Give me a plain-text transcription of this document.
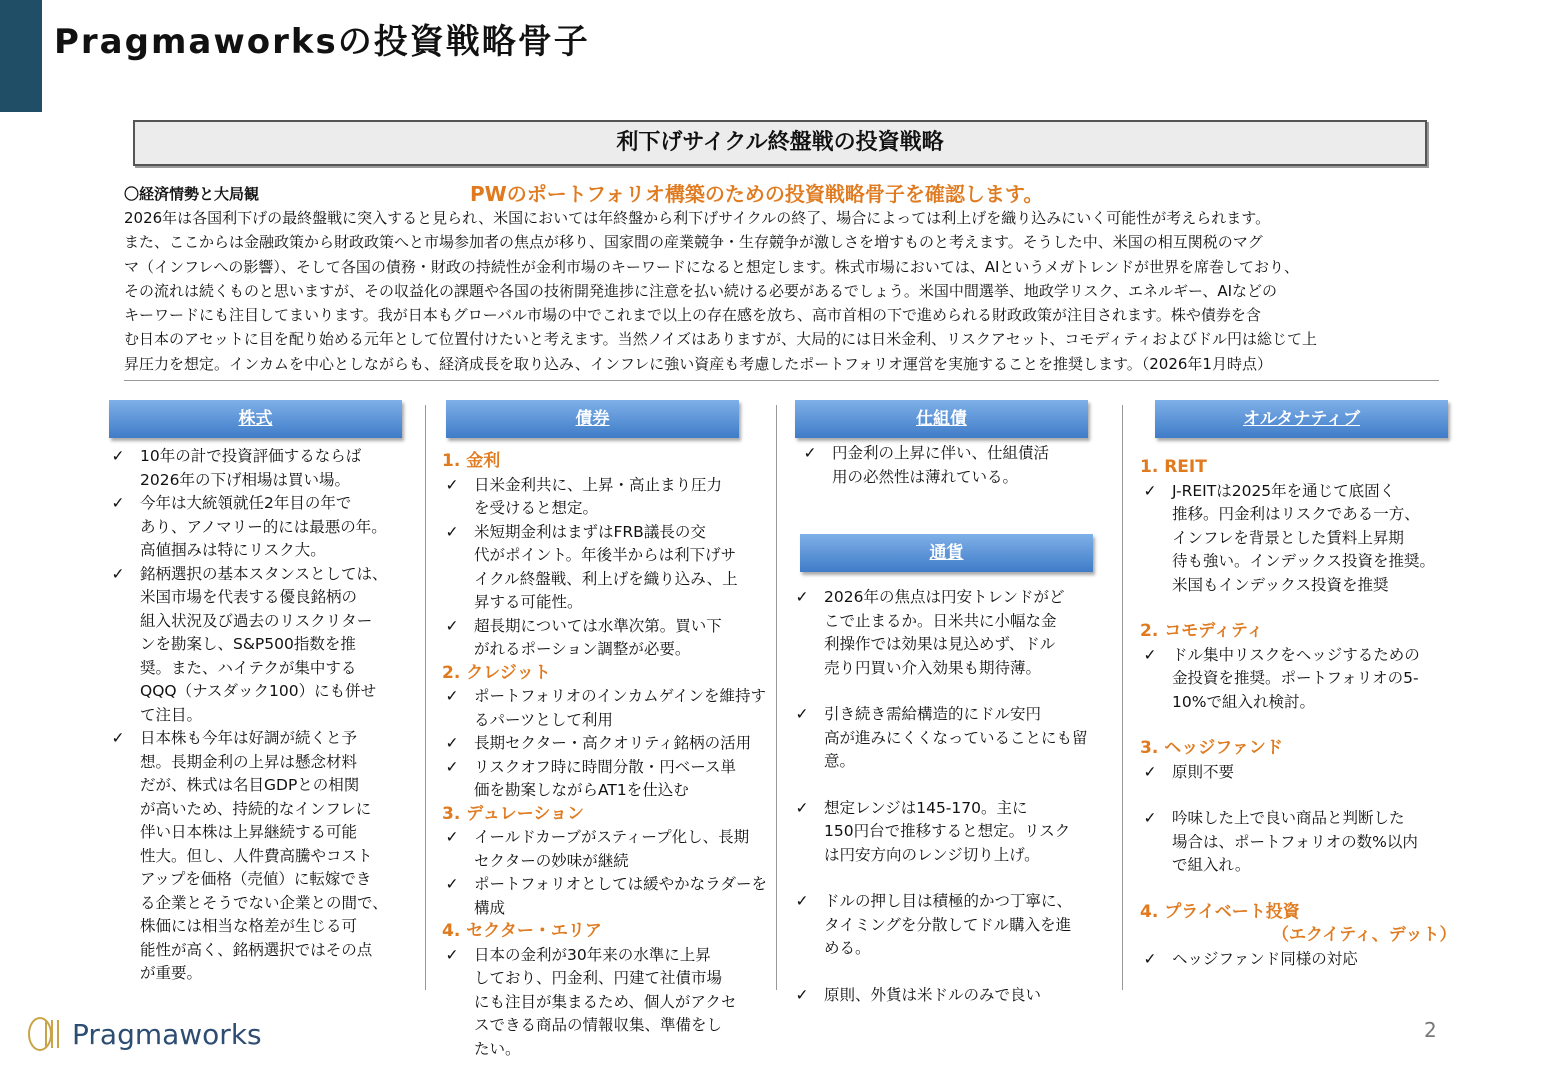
Pragmaworksの投資戦略骨子
利下げサイクル終盤戦の投資戦略
〇経済情勢と大局観	PWのポートフォリオ構築のための投資戦略骨子を確認します。

2026年は各国利下げの最終盤戦に突入すると見られ、米国においては年終盤から利下げサイクルの終了、場合によっては利上げを織り込みにいく可能性が考えられます。

また、ここからは金融政策から財政政策へと市場参加者の焦点が移り、国家間の産業競争・生存競争が激しさを増すものと考えます。そうした中、米国の相互関税のマグ

マ（インフレへの影響）、そして各国の債務・財政の持続性が金利市場のキーワードになると想定します。株式市場においては、AIというメガトレンドが世界を席巻しており、

その流れは続くものと思いますが、その収益化の課題や各国の技術開発進捗に注意を払い続ける必要があるでしょう。米国中間選挙、地政学リスク、エネルギー、AIなどの

キーワードにも注目してまいります。我が日本もグローバル市場の中でこれまで以上の存在感を放ち、高市首相の下で進められる財政政策が注目されます。株や債券を含

む日本のアセットに目を配り始める元年として位置付けたいと考えます。当然ノイズはありますが、大局的には日米金利、リスクアセット、コモディティおよびドル円は総じて上

昇圧力を想定。インカムを中心としながらも、経済成長を取り込み、インフレに強い資産も考慮したポートフォリオ運営を実施することを推奨します。（2026年1月時点）

株式	債券	仕組債
通貨
オルタナティブ
✓ 10年の計で投資評価するならば
2026年の下げ相場は買い場。
✓ 今年は大統領就任2年目の年で
あり、アノマリー的には最悪の年。
高値掴みは特にリスク大。
✓ 銘柄選択の基本スタンスとしては、
米国市場を代表する優良銘柄の
組入状況及び過去のリスクリター
ンを勘案し、S&P500指数を推
奨。また、ハイテクが集中する
QQQ（ナスダック100）にも併せ
て注目。
✓ 日本株も今年は好調が続くと予
想。長期金利の上昇は懸念材料
だが、株式は名目GDPとの相関
が高いため、持続的なインフレに
伴い日本株は上昇継続する可能
性大。但し、人件費高騰やコスト
アップを価格（売値）に転嫁でき
る企業とそうでない企業との間で、
株価には相当な格差が生じる可
能性が高く、銘柄選択ではその点
が重要。
1. 金利
✓ 日米金利共に、上昇・高止まり圧力
を受けると想定。
✓ 米短期金利はまずはFRB議長の交
代がポイント。年後半からは利下げサ
イクル終盤戦、利上げを織り込み、上
昇する可能性。
✓ 超長期については水準次第。買い下
がれるポーション調整が必要。
2. クレジット
✓ ポートフォリオのインカムゲインを維持す
るパーツとして利用
✓ 長期セクター・高クオリティ銘柄の活用
✓ リスクオフ時に時間分散・円ベース単
価を勘案しながらAT1を仕込む
3. デュレーション
✓ イールドカーブがスティープ化し、長期
セクターの妙味が継続
✓ ポートフォリオとしては緩やかなラダーを
構成
4. セクター・エリア
✓ 日本の金利が30年来の水準に上昇
しており、円金利、円建て社債市場
にも注目が集まるため、個人がアクセ
スできる商品の情報収集、準備をし
たい。
✓ 円金利の上昇に伴い、仕組債活
用の必然性は薄れている。
✓ 2026年の焦点は円安トレンドがど
こで止まるか。日米共に小幅な金
利操作では効果は見込めず、ドル
売り円買い介入効果も期待薄。
✓ 引き続き需給構造的にドル安円
高が進みにくくなっていることにも留
意。
✓ 想定レンジは145-170。主に
150円台で推移すると想定。リスク
は円安方向のレンジ切り上げ。
✓ ドルの押し目は積極的かつ丁寧に、
タイミングを分散してドル購入を進
める。
✓ 原則、外貨は米ドルのみで良い
1. REIT
✓ J-REITは2025年を通じて底固く
推移。円金利はリスクである一方、
インフレを背景とした賃料上昇期
待も強い。インデックス投資を推奨。
米国もインデックス投資を推奨
2. コモディティ
✓ ドル集中リスクをヘッジするための
金投資を推奨。ポートフォリオの5-
10%で組入れ検討。
3. ヘッジファンド
✓ 原則不要
✓ 吟味した上で良い商品と判断した
場合は、ポートフォリオの数%以内
で組入れ。
4. プライベート投資
（エクイティ、デット）
✓ ヘッジファンド同様の対応
Pragmaworks	2
